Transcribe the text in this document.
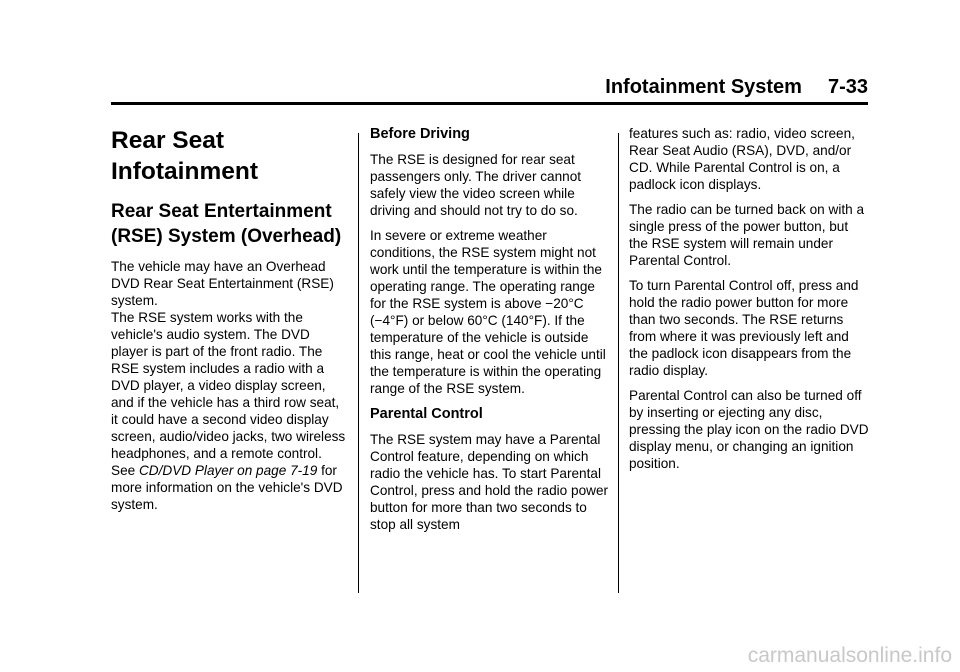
Infotainment System 7-33
Rear Seat
Infotainment
Rear Seat Entertainment
(RSE) System (Overhead)

The vehicle may have an Overhead DVD Rear Seat Entertainment (RSE) system.

The RSE system works with the vehicle's audio system. The DVD player is part of the front radio. The RSE system includes a radio with a DVD player, a video display screen, and if the vehicle has a third row seat, it could have a second video display screen, audio/video jacks, two wireless headphones, and a remote control. See CD/DVD Player on page 7-19 for more information on the vehicle's DVD system.

Before Driving

The RSE is designed for rear seat passengers only. The driver cannot safely view the video screen while driving and should not try to do so.

In severe or extreme weather conditions, the RSE system might not work until the temperature is within the operating range. The operating range for the RSE system is above −20°C (−4°F) or below 60°C (140°F). If the temperature of the vehicle is outside this range, heat or cool the vehicle until the temperature is within the operating range of the RSE system.

Parental Control

The RSE system may have a Parental Control feature, depending on which radio the vehicle has. To start Parental Control, press and hold the radio power button for more than two seconds to stop all system

features such as: radio, video screen, Rear Seat Audio (RSA), DVD, and/or CD. While Parental Control is on, a padlock icon displays.

The radio can be turned back on with a single press of the power button, but the RSE system will remain under Parental Control.

To turn Parental Control off, press and hold the radio power button for more than two seconds. The RSE returns from where it was previously left and the padlock icon disappears from the radio display.

Parental Control can also be turned off by inserting or ejecting any disc, pressing the play icon on the radio DVD display menu, or changing an ignition position.

carmanualsonline.info
